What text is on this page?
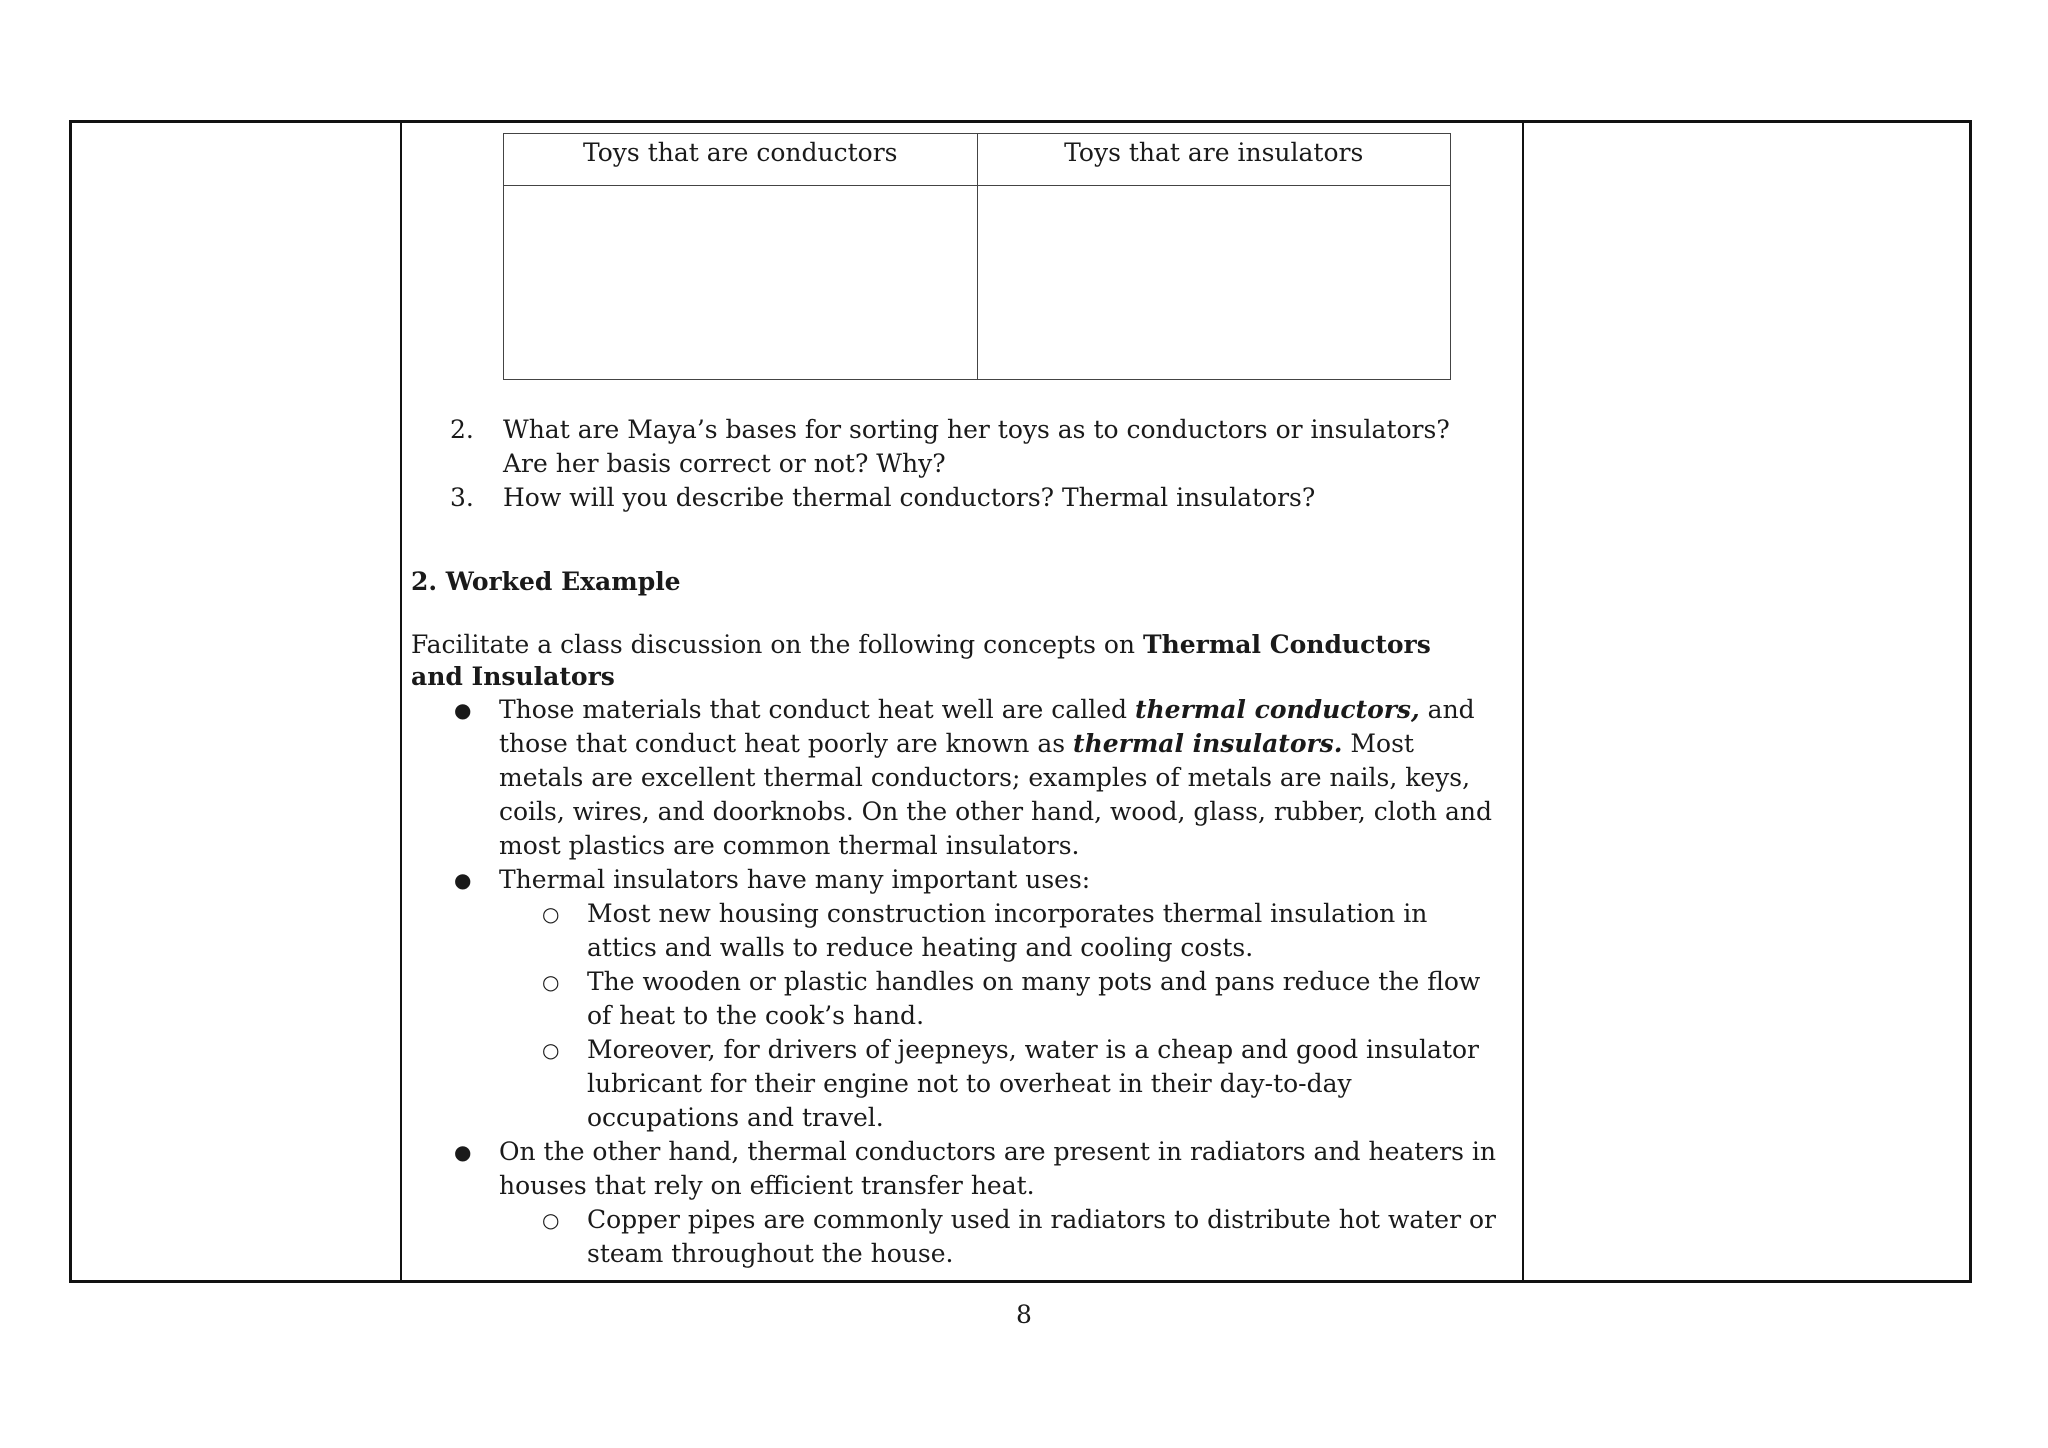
Toys that are conductors	Toys that are insulators

2. What are Maya’s bases for sorting her toys as to conductors or insulators?
Are her basis correct or not? Why?
3. How will you describe thermal conductors? Thermal insulators?
2. Worked Example
Facilitate a class discussion on the following concepts on Thermal Conductors and Insulators
● Those materials that conduct heat well are called thermal conductors, and those that conduct heat poorly are known as thermal insulators. Most metals are excellent thermal conductors; examples of metals are nails, keys, coils, wires, and doorknobs. On the other hand, wood, glass, rubber, cloth and most plastics are common thermal insulators.
● Thermal insulators have many important uses:
○ Most new housing construction incorporates thermal insulation in attics and walls to reduce heating and cooling costs.
○ The wooden or plastic handles on many pots and pans reduce the flow of heat to the cook’s hand.
○ Moreover, for drivers of jeepneys, water is a cheap and good insulator lubricant for their engine not to overheat in their day-to-day occupations and travel.
● On the other hand, thermal conductors are present in radiators and heaters in houses that rely on efficient transfer heat.
○ Copper pipes are commonly used in radiators to distribute hot water or steam throughout the house.
8
